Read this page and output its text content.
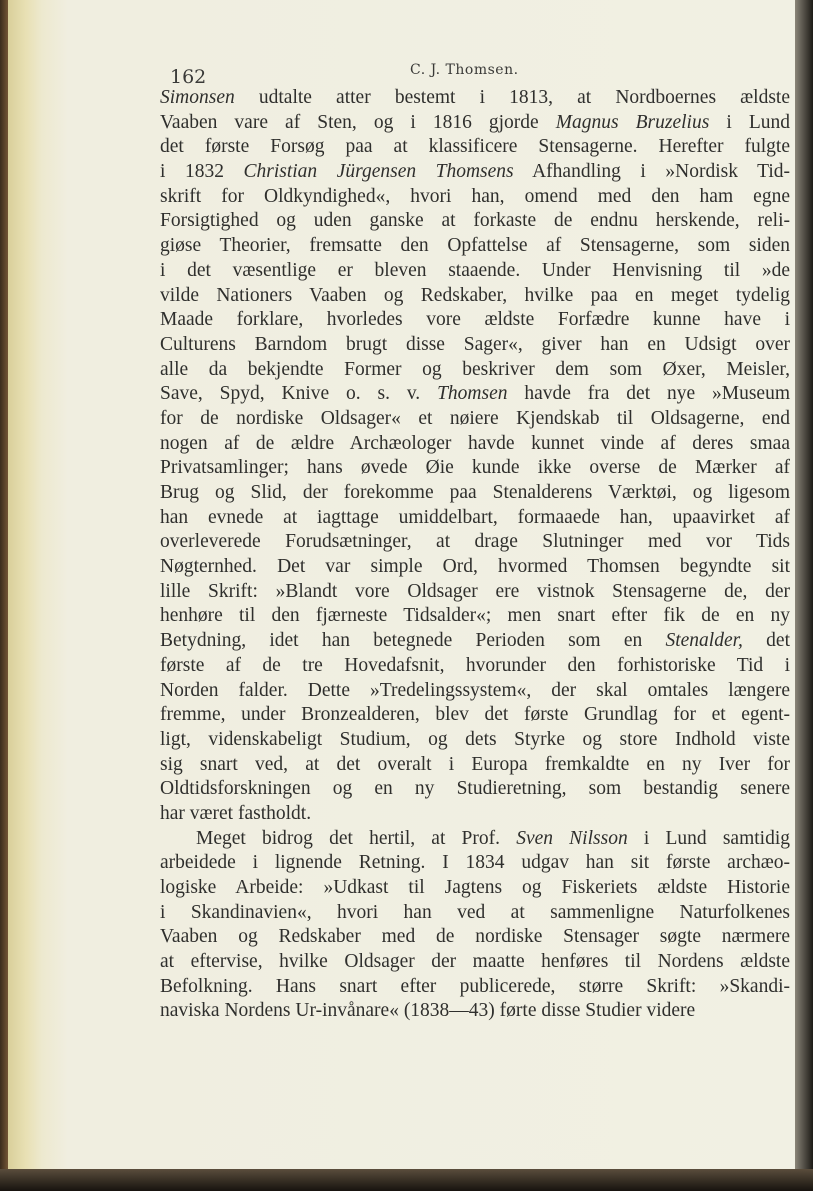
162	C. J. Thomsen.
Simonsen udtalte atter bestemt i 1813, at Nordboernes ældste
Vaaben vare af Sten, og i 1816 gjorde Magnus Bruzelius i Lund
det første Forsøg paa at klassificere Stensagerne. Herefter fulgte
i 1832 Christian Jürgensen Thomsens Afhandling i »Nordisk Tid-
skrift for Oldkyndighed«, hvori han, omend med den ham egne
Forsigtighed og uden ganske at forkaste de endnu herskende, reli-
giøse Theorier, fremsatte den Opfattelse af Stensagerne, som siden
i det væsentlige er bleven staaende. Under Henvisning til »de
vilde Nationers Vaaben og Redskaber, hvilke paa en meget tydelig
Maade forklare, hvorledes vore ældste Forfædre kunne have i
Culturens Barndom brugt disse Sager«, giver han en Udsigt over
alle da bekjendte Former og beskriver dem som Øxer, Meisler,
Save, Spyd, Knive o. s. v. Thomsen havde fra det nye »Museum
for de nordiske Oldsager« et nøiere Kjendskab til Oldsagerne, end
nogen af de ældre Archæologer havde kunnet vinde af deres smaa
Privatsamlinger; hans øvede Øie kunde ikke overse de Mærker af
Brug og Slid, der forekomme paa Stenalderens Værktøi, og ligesom
han evnede at iagttage umiddelbart, formaaede han, upaavirket af
overleverede Forudsætninger, at drage Slutninger med vor Tids
Nøgternhed. Det var simple Ord, hvormed Thomsen begyndte sit
lille Skrift: »Blandt vore Oldsager ere vistnok Stensagerne de, der
henhøre til den fjærneste Tidsalder«; men snart efter fik de en ny
Betydning, idet han betegnede Perioden som en Stenalder, det
første af de tre Hovedafsnit, hvorunder den forhistoriske Tid i
Norden falder. Dette »Tredelingssystem«, der skal omtales længere
fremme, under Bronzealderen, blev det første Grundlag for et egent-
ligt, videnskabeligt Studium, og dets Styrke og store Indhold viste
sig snart ved, at det overalt i Europa fremkaldte en ny Iver for
Oldtidsforskningen og en ny Studieretning, som bestandig senere
har været fastholdt.
Meget bidrog det hertil, at Prof. Sven Nilsson i Lund samtidig
arbeidede i lignende Retning. I 1834 udgav han sit første archæo-
logiske Arbeide: »Udkast til Jagtens og Fiskeriets ældste Historie
i Skandinavien«, hvori han ved at sammenligne Naturfolkenes
Vaaben og Redskaber med de nordiske Stensager søgte nærmere
at eftervise, hvilke Oldsager der maatte henføres til Nordens ældste
Befolkning. Hans snart efter publicerede, større Skrift: »Skandi-
naviska Nordens Ur-invånare« (1838—43) førte disse Studier videre
